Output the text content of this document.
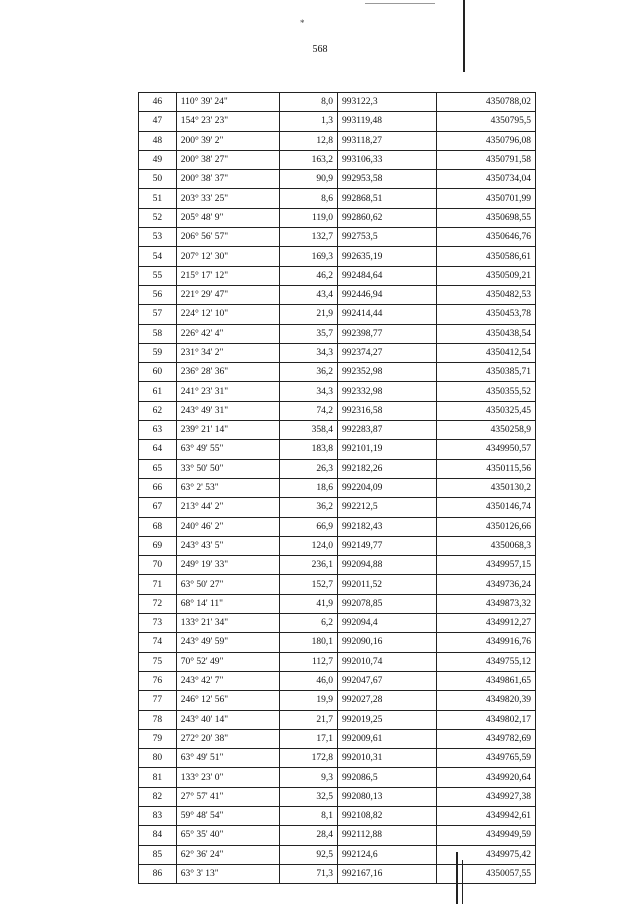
*
568
46	110° 39' 24"	8,0	993122,3	4350788,02
47	154° 23' 23"	1,3	993119,48	4350795,5
48	200° 39' 2"	12,8	993118,27	4350796,08
49	200° 38' 27"	163,2	993106,33	4350791,58
50	200° 38' 37"	90,9	992953,58	4350734,04
51	203° 33' 25"	8,6	992868,51	4350701,99
52	205° 48' 9"	119,0	992860,62	4350698,55
53	206° 56' 57"	132,7	992753,5	4350646,76
54	207° 12' 30"	169,3	992635,19	4350586,61
55	215° 17' 12"	46,2	992484,64	4350509,21
56	221° 29' 47"	43,4	992446,94	4350482,53
57	224° 12' 10"	21,9	992414,44	4350453,78
58	226° 42' 4"	35,7	992398,77	4350438,54
59	231° 34' 2"	34,3	992374,27	4350412,54
60	236° 28' 36"	36,2	992352,98	4350385,71
61	241° 23' 31"	34,3	992332,98	4350355,52
62	243° 49' 31"	74,2	992316,58	4350325,45
63	239° 21' 14"	358,4	992283,87	4350258,9
64	63° 49' 55"	183,8	992101,19	4349950,57
65	33° 50' 50"	26,3	992182,26	4350115,56
66	63° 2' 53"	18,6	992204,09	4350130,2
67	213° 44' 2"	36,2	992212,5	4350146,74
68	240° 46' 2"	66,9	992182,43	4350126,66
69	243° 43' 5"	124,0	992149,77	4350068,3
70	249° 19' 33"	236,1	992094,88	4349957,15
71	63° 50' 27"	152,7	992011,52	4349736,24
72	68° 14' 11"	41,9	992078,85	4349873,32
73	133° 21' 34"	6,2	992094,4	4349912,27
74	243° 49' 59"	180,1	992090,16	4349916,76
75	70° 52' 49"	112,7	992010,74	4349755,12
76	243° 42' 7"	46,0	992047,67	4349861,65
77	246° 12' 56"	19,9	992027,28	4349820,39
78	243° 40' 14"	21,7	992019,25	4349802,17
79	272° 20' 38"	17,1	992009,61	4349782,69
80	63° 49' 51"	172,8	992010,31	4349765,59
81	133° 23' 0"	9,3	992086,5	4349920,64
82	27° 57' 41"	32,5	992080,13	4349927,38
83	59° 48' 54"	8,1	992108,82	4349942,61
84	65° 35' 40"	28,4	992112,88	4349949,59
85	62° 36' 24"	92,5	992124,6	4349975,42
86	63° 3' 13"	71,3	992167,16	4350057,55
